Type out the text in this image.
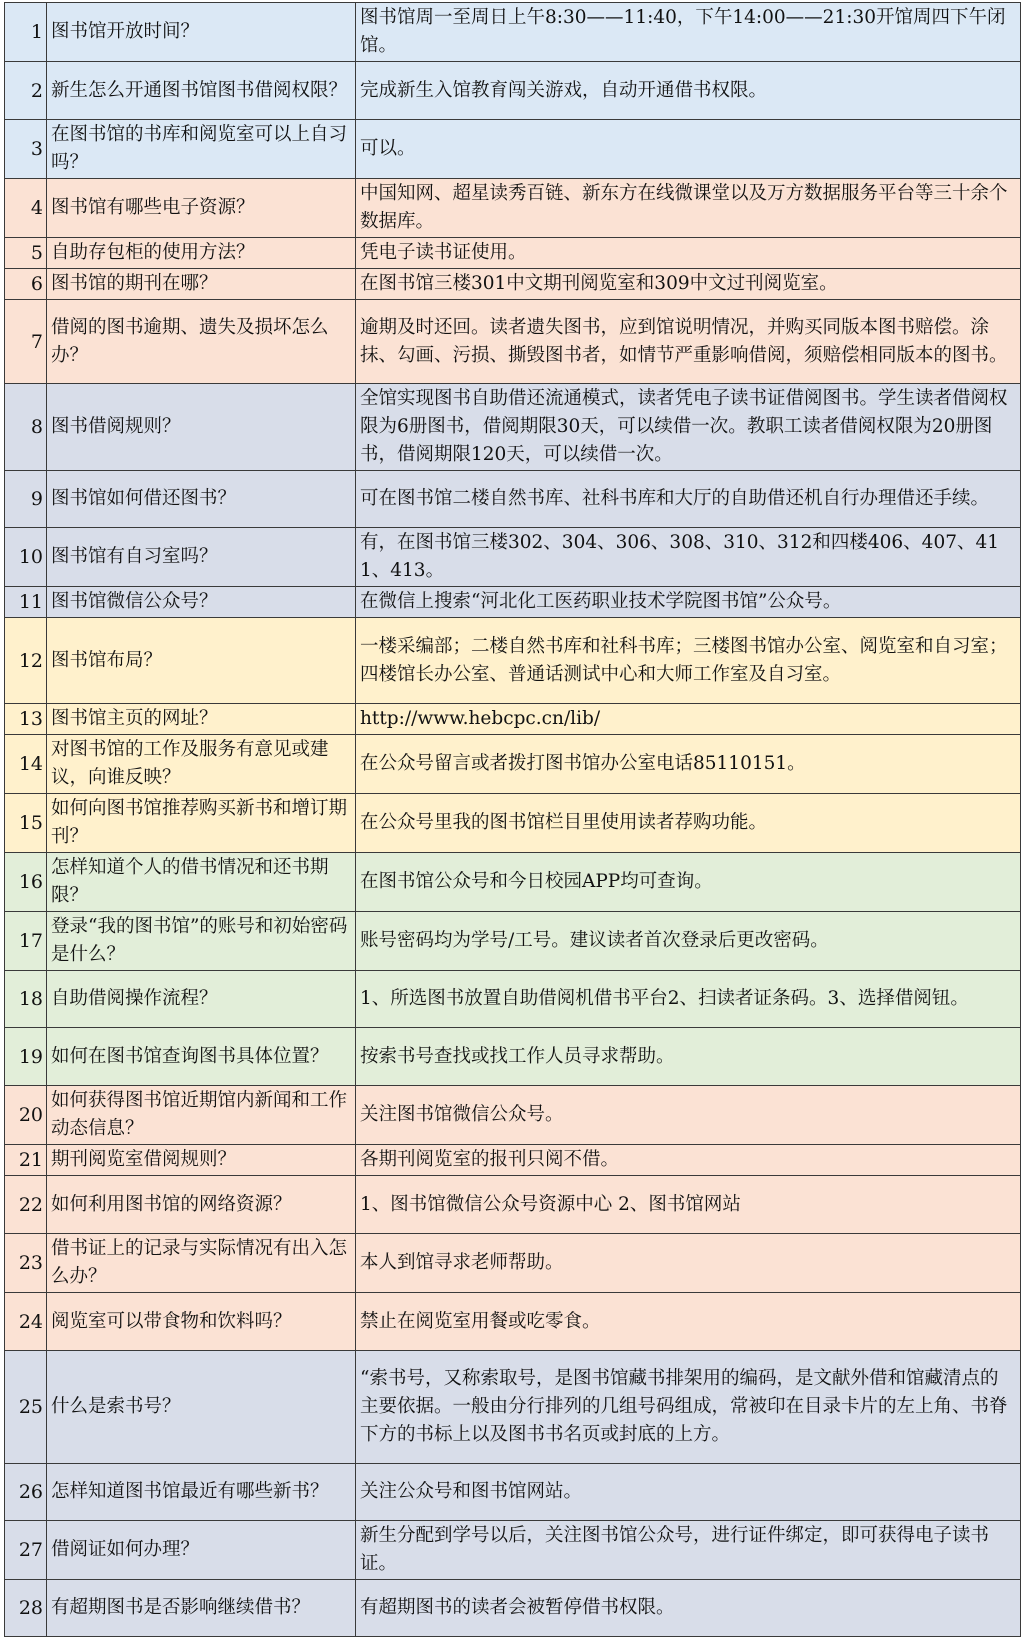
1	图书馆开放时间？	图书馆周一至周日上午8:30——11:40，下午14:00——21:30开馆周四下午闭馆。
2	新生怎么开通图书馆图书借阅权限？	完成新生入馆教育闯关游戏，自动开通借书权限。
3	在图书馆的书库和阅览室可以上自习吗？	可以。
4	图书馆有哪些电子资源？	中国知网、超星读秀百链、新东方在线微课堂以及万方数据服务平台等三十余个数据库。
5	自助存包柜的使用方法？	凭电子读书证使用。
6	图书馆的期刊在哪？	在图书馆三楼301中文期刊阅览室和309中文过刊阅览室。
7	借阅的图书逾期、遗失及损坏怎么办？	逾期及时还回。读者遗失图书，应到馆说明情况，并购买同版本图书赔偿。涂抹、勾画、污损、撕毁图书者，如情节严重影响借阅，须赔偿相同版本的图书。
8	图书借阅规则？	全馆实现图书自助借还流通模式，读者凭电子读书证借阅图书。学生读者借阅权限为6册图书，借阅期限30天，可以续借一次。教职工读者借阅权限为20册图书，借阅期限120天，可以续借一次。
9	图书馆如何借还图书？	可在图书馆二楼自然书库、社科书库和大厅的自助借还机自行办理借还手续。
10	图书馆有自习室吗？	有，在图书馆三楼302、304、306、308、310、312和四楼406、407、411、413。
11	图书馆微信公众号？	在微信上搜索“河北化工医药职业技术学院图书馆”公众号。
12	图书馆布局？	一楼采编部；二楼自然书库和社科书库；三楼图书馆办公室、阅览室和自习室；四楼馆长办公室、普通话测试中心和大师工作室及自习室。
13	图书馆主页的网址？	http://www.hebcpc.cn/lib/
14	对图书馆的工作及服务有意见或建议，向谁反映？	在公众号留言或者拨打图书馆办公室电话85110151。
15	如何向图书馆推荐购买新书和增订期刊？	在公众号里我的图书馆栏目里使用读者荐购功能。
16	怎样知道个人的借书情况和还书期限？	在图书馆公众号和今日校园APP均可查询。
17	登录“我的图书馆”的账号和初始密码是什么？	账号密码均为学号/工号。建议读者首次登录后更改密码。
18	自助借阅操作流程？	1、所选图书放置自助借阅机借书平台2、扫读者证条码。3、选择借阅钮。
19	如何在图书馆查询图书具体位置？	按索书号查找或找工作人员寻求帮助。
20	如何获得图书馆近期馆内新闻和工作动态信息？	关注图书馆微信公众号。
21	期刊阅览室借阅规则？	各期刊阅览室的报刊只阅不借。
22	如何利用图书馆的网络资源？	1、图书馆微信公众号资源中心 2、图书馆网站
23	借书证上的记录与实际情况有出入怎么办？	本人到馆寻求老师帮助。
24	阅览室可以带食物和饮料吗？	禁止在阅览室用餐或吃零食。
25	什么是索书号？	“索书号，又称索取号，是图书馆藏书排架用的编码，是文献外借和馆藏清点的主要依据。一般由分行排列的几组号码组成，常被印在目录卡片的左上角、书脊下方的书标上以及图书书名页或封底的上方。
26	怎样知道图书馆最近有哪些新书？	关注公众号和图书馆网站。
27	借阅证如何办理？	新生分配到学号以后，关注图书馆公众号，进行证件绑定，即可获得电子读书证。
28	有超期图书是否影响继续借书？	有超期图书的读者会被暂停借书权限。
